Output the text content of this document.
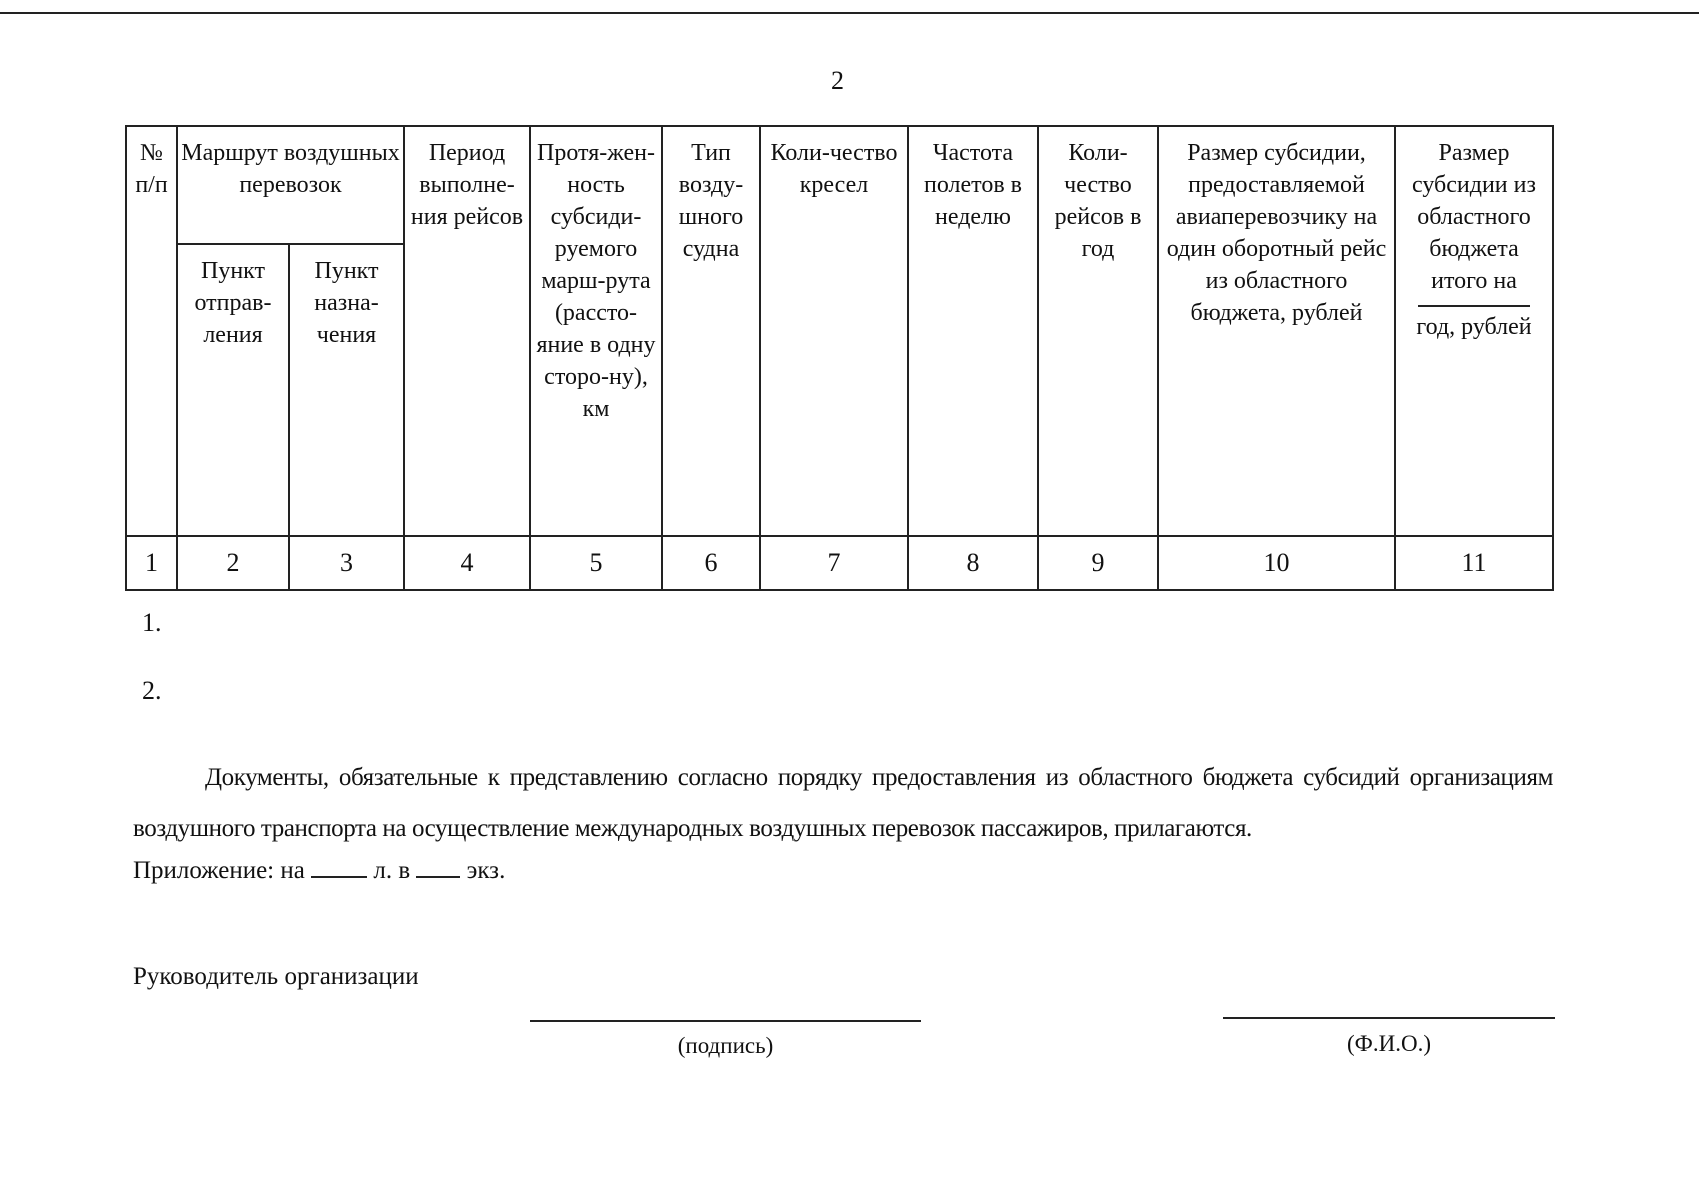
2
№ п/п	Маршрут воздушных перевозок		Период выполне-ния рейсов	Протя-жен-ность субсиди-руемого марш-рута (рассто-яние в одну сторо-ну), км	Тип возду-шного судна	Коли-чество кресел	Частота полетов в неделю	Коли-чество рейсов в год	Размер субсидии, предоставляемой авиаперевозчику на один оборотный рейс из областного бюджета, рублей	Размер субсидии из областного бюджета итого на
год, рублей
	Пункт отправ-ления	Пункт назна-чения								
1	2	3	4	5	6	7	8	9	10	11
1.
2.

Документы, обязательные к представлению согласно порядку предоставления из областного бюджета субсидий организациям воздушного транспорта на осуществление международных воздушных перевозок пассажиров, прилагаются.

Приложение: на	л. в экз.
Руководитель организации
(подпись)	(Ф.И.О.)
